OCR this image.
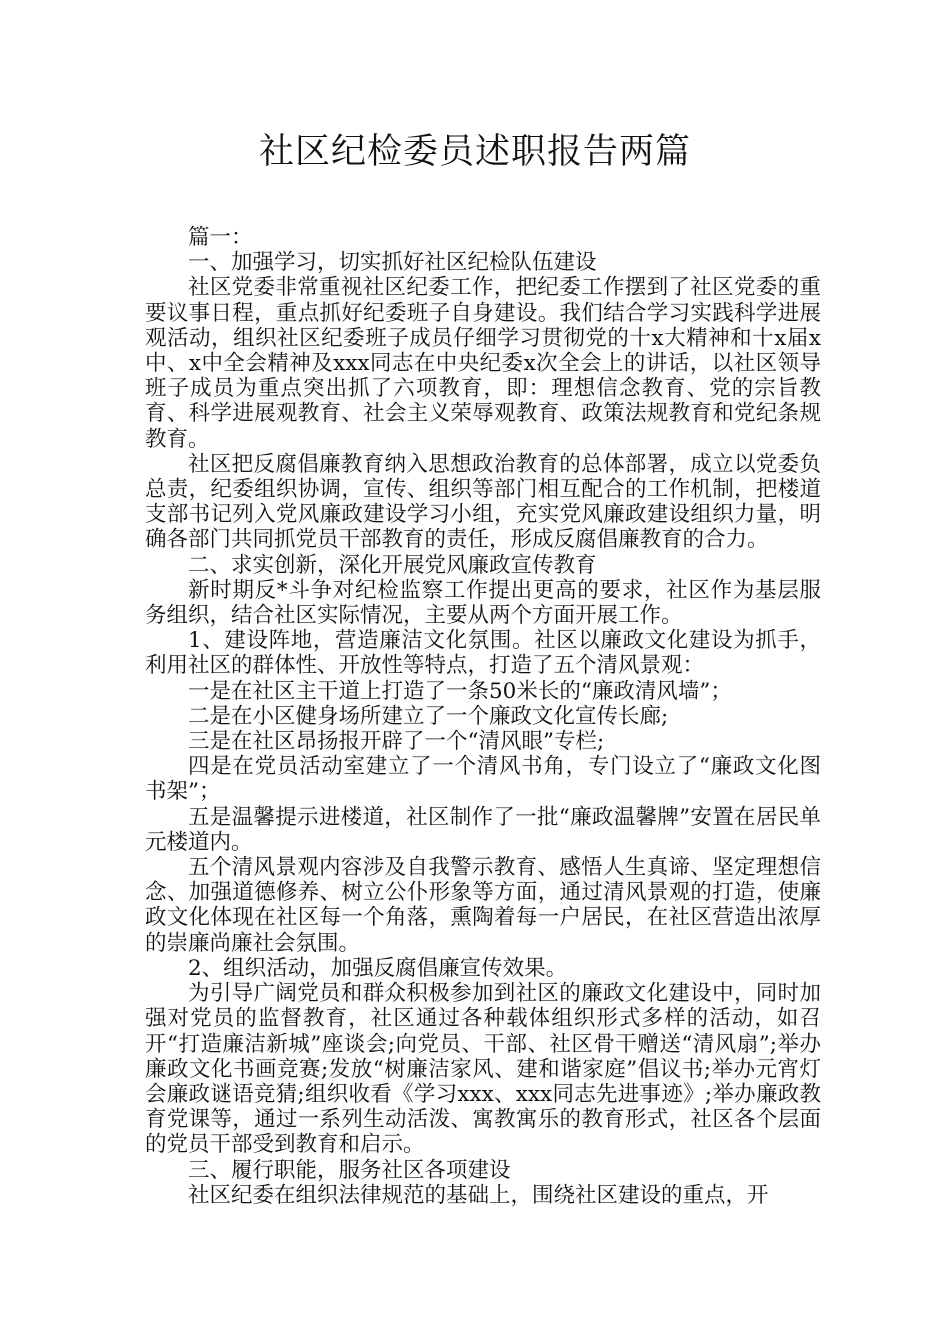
社区纪检委员述职报告两篇

篇一：

一、加强学习，切实抓好社区纪检队伍建设

社区党委非常重视社区纪委工作，把纪委工作摆到了社区党委的重要议事日程，重点抓好纪委班子自身建设。我们结合学习实践科学进展观活动，组织社区纪委班子成员仔细学习贯彻党的十x大精神和十x届x中、x中全会精神及xxx同志在中央纪委x次全会上的讲话，以社区领导班子成员为重点突出抓了六项教育，即：理想信念教育、党的宗旨教育、科学进展观教育、社会主义荣辱观教育、政策法规教育和党纪条规教育。

社区把反腐倡廉教育纳入思想政治教育的总体部署，成立以党委负总责，纪委组织协调，宣传、组织等部门相互配合的工作机制，把楼道支部书记列入党风廉政建设学习小组，充实党风廉政建设组织力量，明确各部门共同抓党员干部教育的责任，形成反腐倡廉教育的合力。

二、求实创新，深化开展党风廉政宣传教育

新时期反*斗争对纪检监察工作提出更高的要求，社区作为基层服务组织，结合社区实际情况，主要从两个方面开展工作。

1、建设阵地，营造廉洁文化氛围。社区以廉政文化建设为抓手，利用社区的群体性、开放性等特点，打造了五个清风景观：

一是在社区主干道上打造了一条50米长的“廉政清风墙”；

二是在小区健身场所建立了一个廉政文化宣传长廊;

三是在社区昂扬报开辟了一个“清风眼”专栏;

四是在党员活动室建立了一个清风书角，专门设立了“廉政文化图书架”；

五是温馨提示进楼道，社区制作了一批“廉政温馨牌”安置在居民单元楼道内。

五个清风景观内容涉及自我警示教育、感悟人生真谛、坚定理想信念、加强道德修养、树立公仆形象等方面，通过清风景观的打造，使廉政文化体现在社区每一个角落，熏陶着每一户居民，在社区营造出浓厚的崇廉尚廉社会氛围。

2、组织活动，加强反腐倡廉宣传效果。

为引导广阔党员和群众积极参加到社区的廉政文化建设中，同时加强对党员的监督教育，社区通过各种载体组织形式多样的活动，如召开“打造廉洁新城”座谈会;向党员、干部、社区骨干赠送“清风扇”;举办廉政文化书画竞赛;发放“树廉洁家风、建和谐家庭”倡议书;举办元宵灯会廉政谜语竞猜;组织收看《学习xxx、xxx同志先进事迹》;举办廉政教育党课等，通过一系列生动活泼、寓教寓乐的教育形式，社区各个层面的党员干部受到教育和启示。

三、履行职能，服务社区各项建设

社区纪委在组织法律规范的基础上，围绕社区建设的重点，开
